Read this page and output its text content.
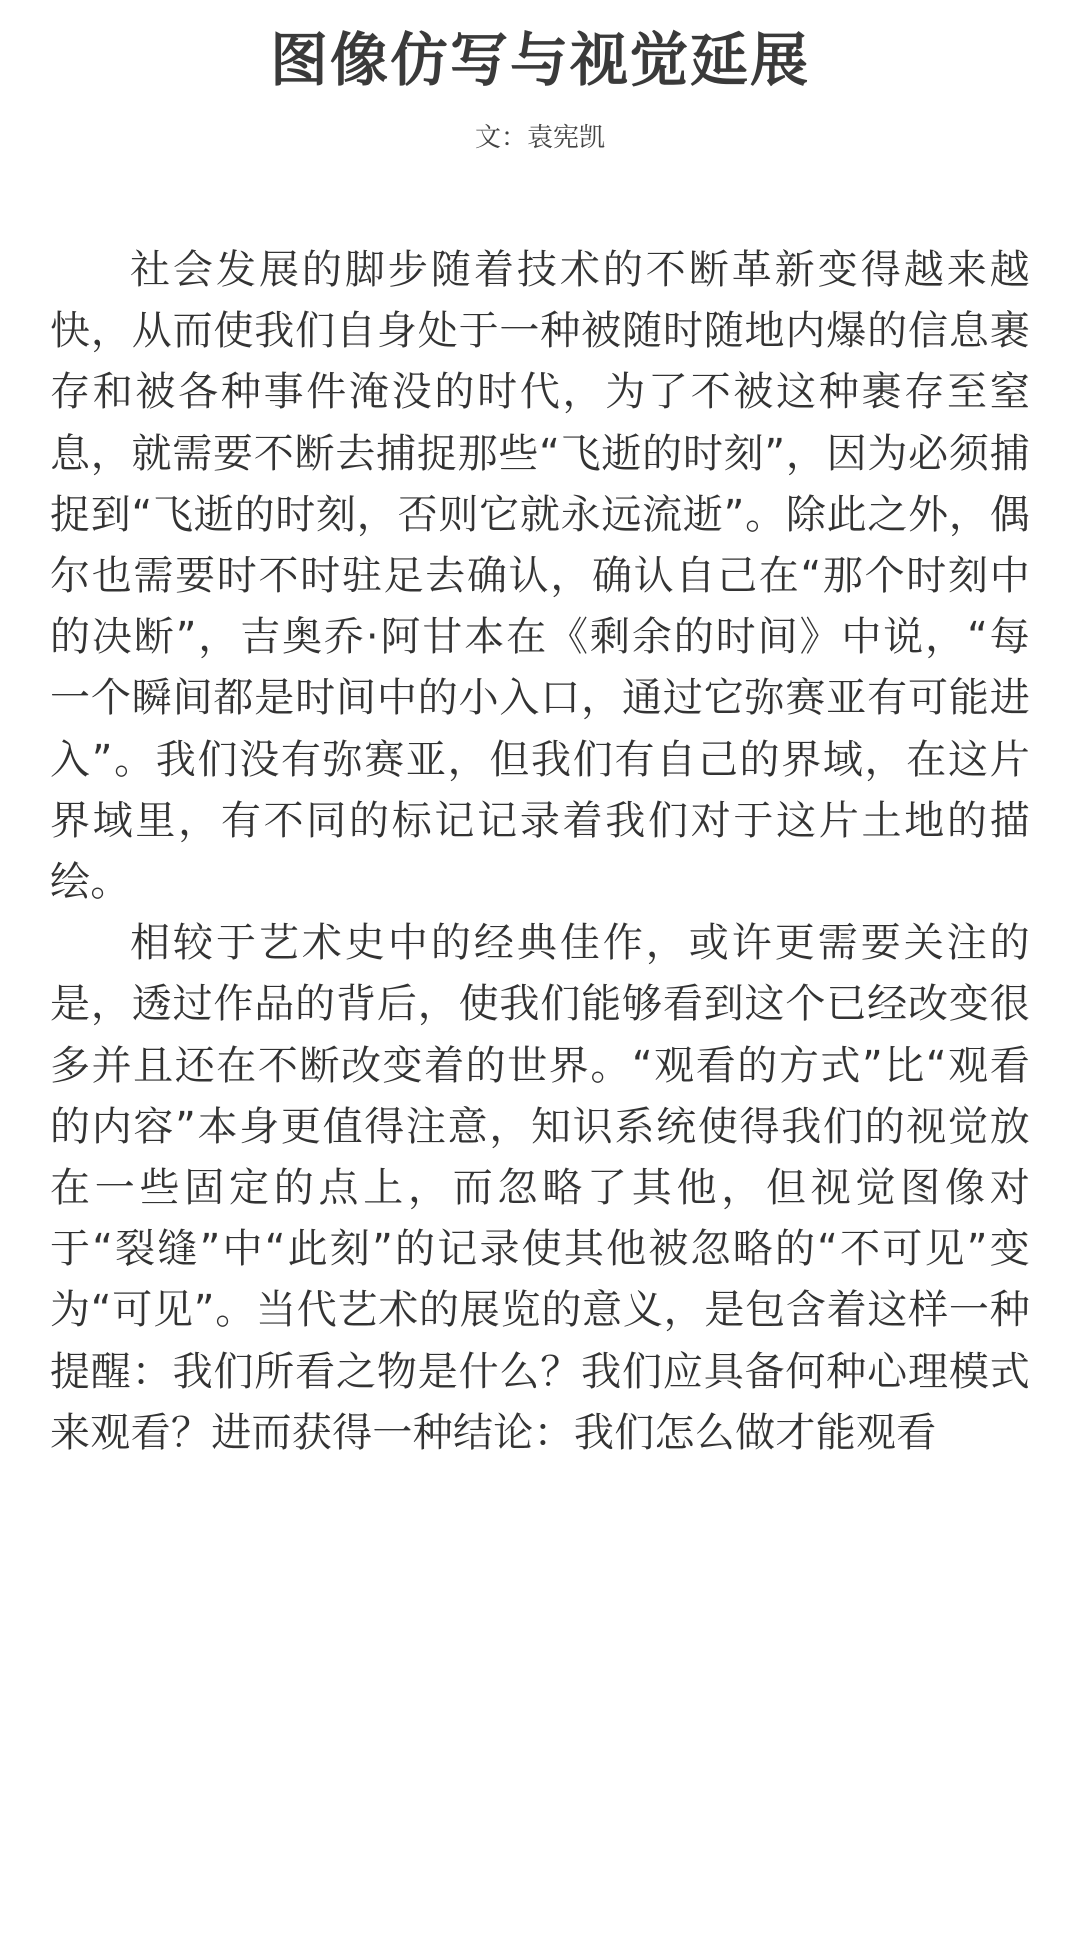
图像仿写与视觉延展
文：袁宪凯

社会发展的脚步随着技术的不断革新变得越来越快，从而使我们自身处于一种被随时随地内爆的信息裹存和被各种事件淹没的时代，为了不被这种裹存至窒息，就需要不断去捕捉那些“飞逝的时刻”，因为必须捕捉到“飞逝的时刻，否则它就永远流逝”。除此之外，偶尔也需要时不时驻足去确认，确认自己在“那个时刻中的决断”，吉奥乔·阿甘本在《剩余的时间》中说，“每一个瞬间都是时间中的小入口，通过它弥赛亚有可能进入”。我们没有弥赛亚，但我们有自己的界域，在这片界域里，有不同的标记记录着我们对于这片土地的描绘。

相较于艺术史中的经典佳作，或许更需要关注的是，透过作品的背后，使我们能够看到这个已经改变很多并且还在不断改变着的世界。“观看的方式”比“观看的内容”本身更值得注意，知识系统使得我们的视觉放在一些固定的点上，而忽略了其他，但视觉图像对于“裂缝”中“此刻”的记录使其他被忽略的“不可见”变为“可见”。当代艺术的展览的意义，是包含着这样一种提醒：我们所看之物是什么？我们应具备何种心理模式来观看？进而获得一种结论：我们怎么做才能观看
